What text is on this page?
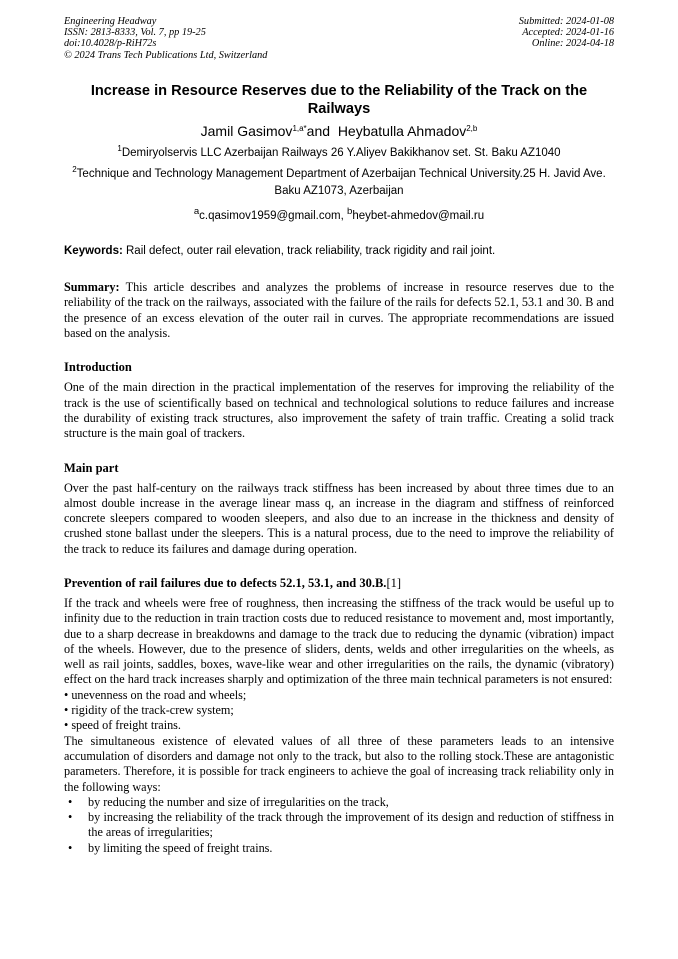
Engineering Headway
ISSN: 2813-8333, Vol. 7, pp 19-25
doi:10.4028/p-RiH72s
© 2024 Trans Tech Publications Ltd, Switzerland
Submitted: 2024-01-08
Accepted: 2024-01-16
Online: 2024-04-18
Increase in Resource Reserves due to the Reliability of the Track on the Railways
Jamil Gasimov$^{1,a*}$and Heybatulla Ahmadov$^{2,b}$
$^1$Demiryolservis LLC Azerbaijan Railways 26 Y.Aliyev Bakikhanov set. St. Baku AZ1040
$^2$Technique and Technology Management Department of Azerbaijan Technical University.25 H. Javid Ave. Baku AZ1073, Azerbaijan
$^a$c.qasimov1959@gmail.com, $^b$heybet-ahmedov@mail.ru
Keywords: Rail defect, outer rail elevation, track reliability, track rigidity and rail joint.
Summary: This article describes and analyzes the problems of increase in resource reserves due to the reliability of the track on the railways, associated with the failure of the rails for defects 52.1, 53.1 and 30. B and the presence of an excess elevation of the outer rail in curves. The appropriate recommendations are issued based on the analysis.
Introduction
One of the main direction in the practical implementation of the reserves for improving the reliability of the track is the use of scientifically based on technical and technological solutions to reduce failures and increase the durability of existing track structures, also improvement the safety of train traffic. Creating a solid track structure is the main goal of trackers.
Main part
Over the past half-century on the railways track stiffness has been increased by about three times due to an almost double increase in the average linear mass q, an increase in the diagram and stiffness of reinforced concrete sleepers compared to wooden sleepers, and also due to an increase in the thickness and density of crushed stone ballast under the sleepers. This is a natural process, due to the need to improve the reliability of the track to reduce its failures and damage during operation.
Prevention of rail failures due to defects 52.1, 53.1, and 30.B.[1]
If the track and wheels were free of roughness, then increasing the stiffness of the track would be useful up to infinity due to the reduction in train traction costs due to reduced resistance to movement and, most importantly, due to a sharp decrease in breakdowns and damage to the track due to reducing the dynamic (vibration) impact of the wheels. However, due to the presence of sliders, dents, welds and other irregularities on the wheels, as well as rail joints, saddles, boxes, wave-like wear and other irregularities on the rails, the dynamic (vibratory) effect on the hard track increases sharply and optimization of the three main technical parameters is not ensured:
• unevenness on the road and wheels;
• rigidity of the track-crew system;
• speed of freight trains.
The simultaneous existence of elevated values of all three of these parameters leads to an intensive accumulation of disorders and damage not only to the track, but also to the rolling stock.These are antagonistic parameters. Therefore, it is possible for track engineers to achieve the goal of increasing track reliability only in the following ways:
• by reducing the number and size of irregularities on the track,
• by increasing the reliability of the track through the improvement of its design and reduction of stiffness in the areas of irregularities;
• by limiting the speed of freight trains.
